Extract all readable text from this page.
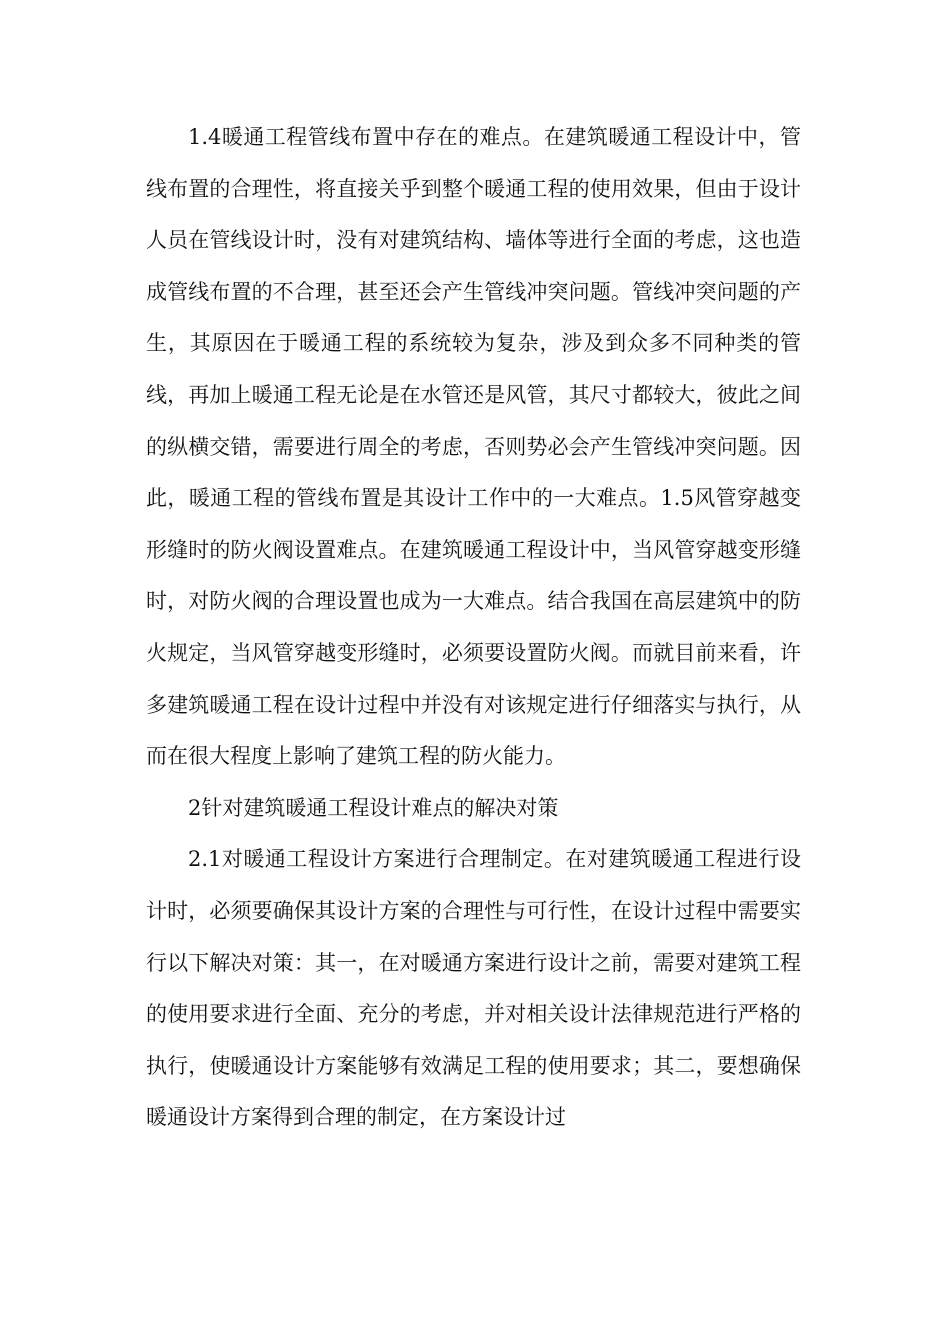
1.4暖通工程管线布置中存在的难点。在建筑暖通工程设计中，管线布置的合理性，将直接关乎到整个暖通工程的使用效果，但由于设计人员在管线设计时，没有对建筑结构、墙体等进行全面的考虑，这也造成管线布置的不合理，甚至还会产生管线冲突问题。管线冲突问题的产生，其原因在于暖通工程的系统较为复杂，涉及到众多不同种类的管线，再加上暖通工程无论是在水管还是风管，其尺寸都较大，彼此之间的纵横交错，需要进行周全的考虑，否则势必会产生管线冲突问题。因此，暖通工程的管线布置是其设计工作中的一大难点。1.5风管穿越变形缝时的防火阀设置难点。在建筑暖通工程设计中，当风管穿越变形缝时，对防火阀的合理设置也成为一大难点。结合我国在高层建筑中的防火规定，当风管穿越变形缝时，必须要设置防火阀。而就目前来看，许多建筑暖通工程在设计过程中并没有对该规定进行仔细落实与执行，从而在很大程度上影响了建筑工程的防火能力。

2针对建筑暖通工程设计难点的解决对策

2.1对暖通工程设计方案进行合理制定。在对建筑暖通工程进行设计时，必须要确保其设计方案的合理性与可行性，在设计过程中需要实行以下解决对策：其一，在对暖通方案进行设计之前，需要对建筑工程的使用要求进行全面、充分的考虑，并对相关设计法律规范进行严格的执行，使暖通设计方案能够有效满足工程的使用要求；其二，要想确保暖通设计方案得到合理的制定，在方案设计过
